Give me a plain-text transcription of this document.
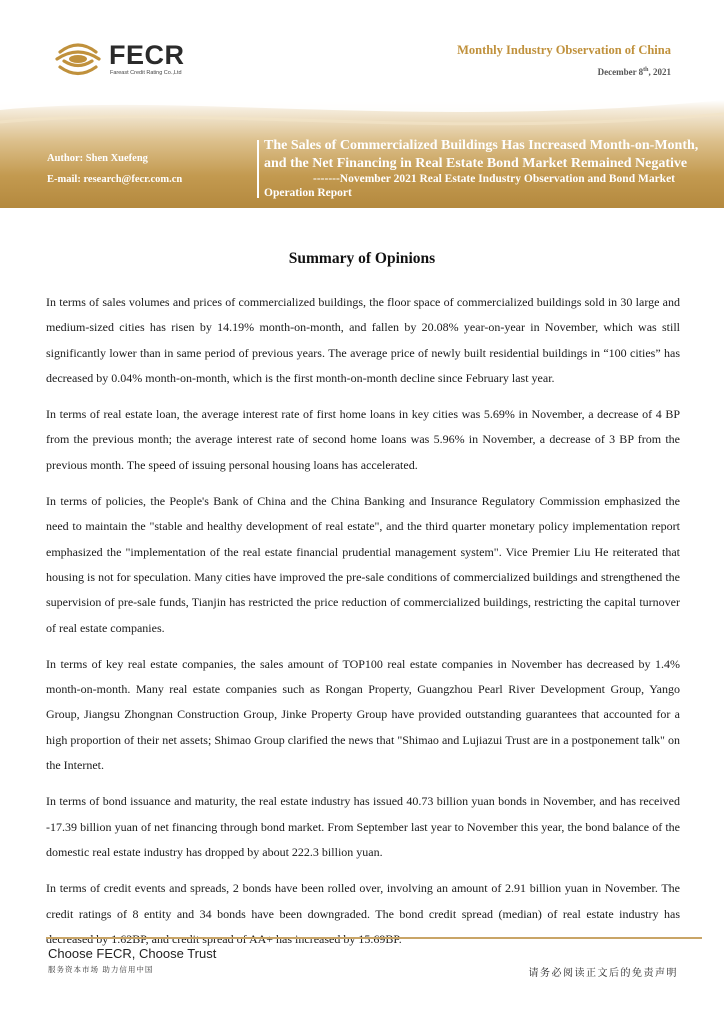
FECR
Fareast Credit Rating Co.,Ltd
Monthly Industry Observation of China
December 8th, 2021
Author: Shen Xuefeng
E-mail: research@fecr.com.cn
The Sales of Commercialized Buildings Has Increased Month-on-Month,
and the Net Financing in Real Estate Bond Market Remained Negative
-------November 2021 Real Estate Industry Observation and Bond Market
Operation Report
Summary of Opinions

In terms of sales volumes and prices of commercialized buildings, the floor space of commercialized buildings sold in 30 large and medium-sized cities has risen by 14.19% month-on-month, and fallen by 20.08% year-on-year in November, which was still significantly lower than in same period of previous years. The average price of newly built residential buildings in “100 cities” has decreased by 0.04% month-on-month, which is the first month-on-month decline since February last year.

In terms of real estate loan, the average interest rate of first home loans in key cities was 5.69% in November, a decrease of 4 BP from the previous month; the average interest rate of second home loans was 5.96% in November, a decrease of 3 BP from the previous month. The speed of issuing personal housing loans has accelerated.

In terms of policies, the People's Bank of China and the China Banking and Insurance Regulatory Commission emphasized the need to maintain the "stable and healthy development of real estate", and the third quarter monetary policy implementation report emphasized the "implementation of the real estate financial prudential management system". Vice Premier Liu He reiterated that housing is not for speculation. Many cities have improved the pre-sale conditions of commercialized buildings and strengthened the supervision of pre-sale funds, Tianjin has restricted the price reduction of commercialized buildings, restricting the capital turnover of real estate companies.

In terms of key real estate companies, the sales amount of TOP100 real estate companies in November has decreased by 1.4% month-on-month. Many real estate companies such as Rongan Property, Guangzhou Pearl River Development Group, Yango Group, Jiangsu Zhongnan Construction Group, Jinke Property Group have provided outstanding guarantees that accounted for a high proportion of their net assets; Shimao Group clarified the news that "Shimao and Lujiazui Trust are in a postponement talk" on the Internet.

In terms of bond issuance and maturity, the real estate industry has issued 40.73 billion yuan bonds in November, and has received -17.39 billion yuan of net financing through bond market. From September last year to November this year, the bond balance of the domestic real estate industry has dropped by about 222.3 billion yuan.

In terms of credit events and spreads, 2 bonds have been rolled over, involving an amount of 2.91 billion yuan in November. The credit ratings of 8 entity and 34 bonds have been downgraded. The bond credit spread (median) of real estate industry has

Choose FECR, Choose Trust
服务资本市场 助力信用中国	请务必阅读正文后的免责声明
